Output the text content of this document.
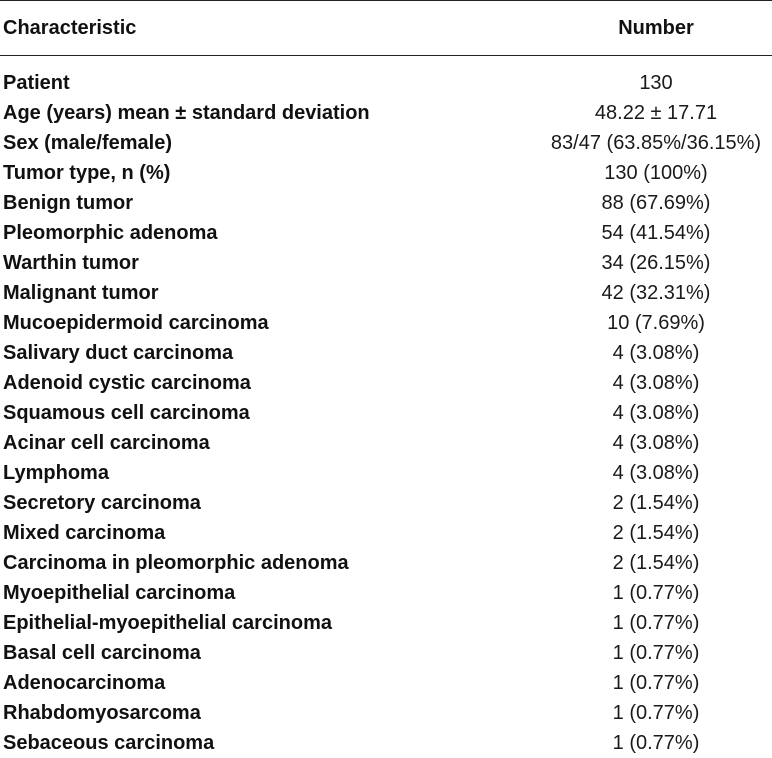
Characteristic	Number
Patient	130
Age (years) mean ± standard deviation	48.22 ± 17.71
Sex (male/female)	83/47 (63.85%/36.15%)
Tumor type, n (%)	130 (100%)
Benign tumor	88 (67.69%)
Pleomorphic adenoma	54 (41.54%)
Warthin tumor	34 (26.15%)
Malignant tumor	42 (32.31%)
Mucoepidermoid carcinoma	10 (7.69%)
Salivary duct carcinoma	4 (3.08%)
Adenoid cystic carcinoma	4 (3.08%)
Squamous cell carcinoma	4 (3.08%)
Acinar cell carcinoma	4 (3.08%)
Lymphoma	4 (3.08%)
Secretory carcinoma	2 (1.54%)
Mixed carcinoma	2 (1.54%)
Carcinoma in pleomorphic adenoma	2 (1.54%)
Myoepithelial carcinoma	1 (0.77%)
Epithelial-myoepithelial carcinoma	1 (0.77%)
Basal cell carcinoma	1 (0.77%)
Adenocarcinoma	1 (0.77%)
Rhabdomyosarcoma	1 (0.77%)
Sebaceous carcinoma	1 (0.77%)
